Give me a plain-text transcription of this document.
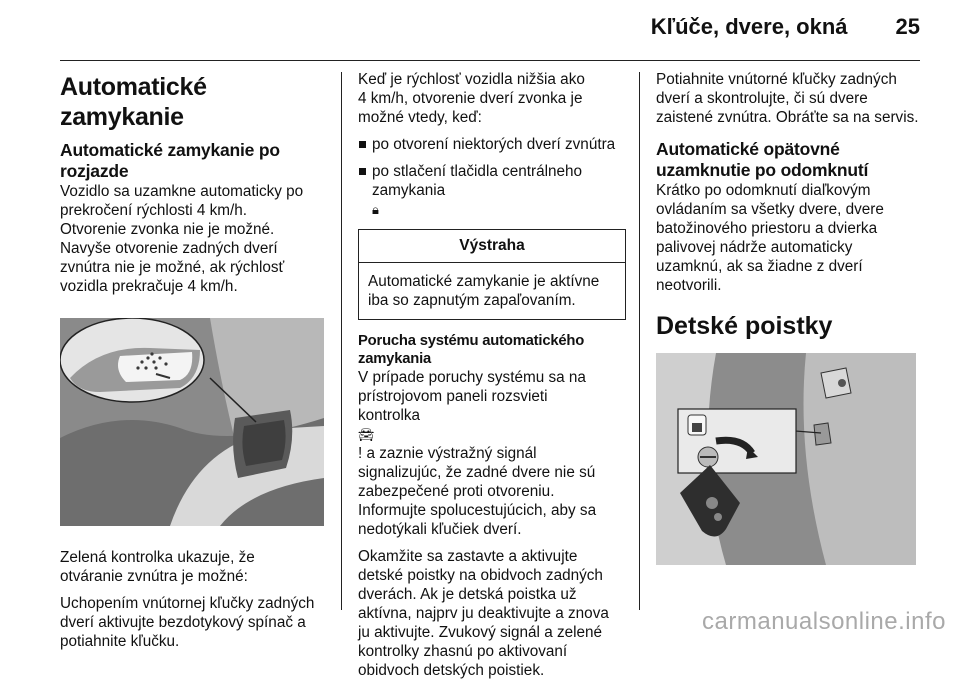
Kľúče, dvere, okná 25
Automatické zamykanie
Automatické zamykanie po
rozjazde

Vozidlo sa uzamkne automaticky po
prekročení rýchlosti 4 km/h.
Otvorenie zvonka nie je možné.
Navyše otvorenie zadných dverí
zvnútra nie je možné, ak rýchlosť
vozidla prekračuje 4 km/h.

Zelená kontrolka ukazuje, že
otváranie zvnútra je možné:

Uchopením vnútornej kľučky zadných
dverí aktivujte bezdotykový spínač a
potiahnite kľučku.

Keď je rýchlosť vozidla nižšia ako
4 km/h, otvorenie dverí zvonka je
možné vtedy, keď:

po otvorení niektorých dverí zvnútra
po stlačení tlačidla centrálneho
zamykania
🔒︎
Výstraha
Automatické zamykanie je aktívne
iba so zapnutým zapaľovaním.
Porucha systému automatického
zamykania

V prípade poruchy systému sa na
prístrojovom paneli rozsvieti
kontrolka
🚘︎
! a zaznie výstražný signál
signalizujúc, že zadné dvere nie sú
zabezpečené proti otvoreniu.
Informujte spolucestujúcich, aby sa
nedotýkali kľučiek dverí.

Okamžite sa zastavte a aktivujte
detské poistky na obidvoch zadných
dverách. Ak je detská poistka už
aktívna, najprv ju deaktivujte a znova
ju aktivujte. Zvukový signál a zelené
kontrolky zhasnú po aktivovaní
obidvoch detských poistiek.

Potiahnite vnútorné kľučky zadných
dverí a skontrolujte, či sú dvere
zaistené zvnútra. Obráťte sa na servis.

Automatické opätovné
uzamknutie po odomknutí

Krátko po odomknutí diaľkovým
ovládaním sa všetky dvere, dvere
batožinového priestoru a dvierka
palivovej nádrže automaticky
uzamknú, ak sa žiadne z dverí
neotvorili.

Detské poistky
carmanualsonline.info
